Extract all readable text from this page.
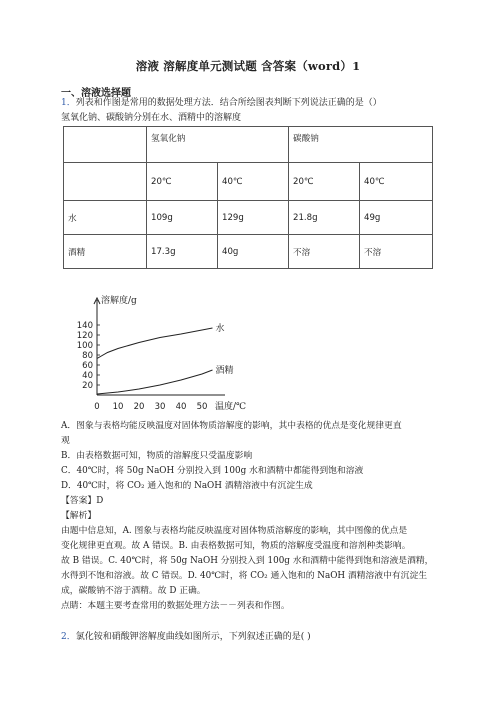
溶液 溶解度单元测试题 含答案（word）1
一、溶液选择题
1．列表和作图是常用的数据处理方法．结合所绘图表判断下列说法正确的是（）
氢氧化钠、碳酸钠分别在水、酒精中的溶解度
	氢氧化钠		碳酸钠	
	20℃	40℃	20℃	40℃
水	109g	129g	21.8g	49g
酒精	17.3g	40g	不溶	不溶
20
40
60
80
100
120
140
0 10 20 30 40 50
溶解度/g
温度/℃
水
酒精
A．图象与表格均能反映温度对固体物质溶解度的影响，其中表格的优点是变化规律更直
观
B．由表格数据可知，物质的溶解度只受温度影响
C．40℃时，将 50g NaOH 分别投入到 100g 水和酒精中都能得到饱和溶液
D．40℃时，将 CO₂ 通入饱和的 NaOH 酒精溶液中有沉淀生成
【答案】D
【解析】
由题中信息知，A. 图象与表格均能反映温度对固体物质溶解度的影响，其中图像的优点是
变化规律更直观。故 A 错误。B. 由表格数据可知，物质的溶解度受温度和溶剂种类影响。
故 B 错误。C. 40℃时，将 50g NaOH 分别投入到 100g 水和酒精中能得到饱和溶液是酒精，
水得到不饱和溶液。故 C 错误。D. 40℃时，将 CO₂ 通入饱和的 NaOH 酒精溶液中有沉淀生
成，碳酸钠不溶于酒精。故 D 正确。
点睛：本题主要考查常用的数据处理方法－－列表和作图。
2．氯化铵和硝酸钾溶解度曲线如图所示，下列叙述正确的是( )
